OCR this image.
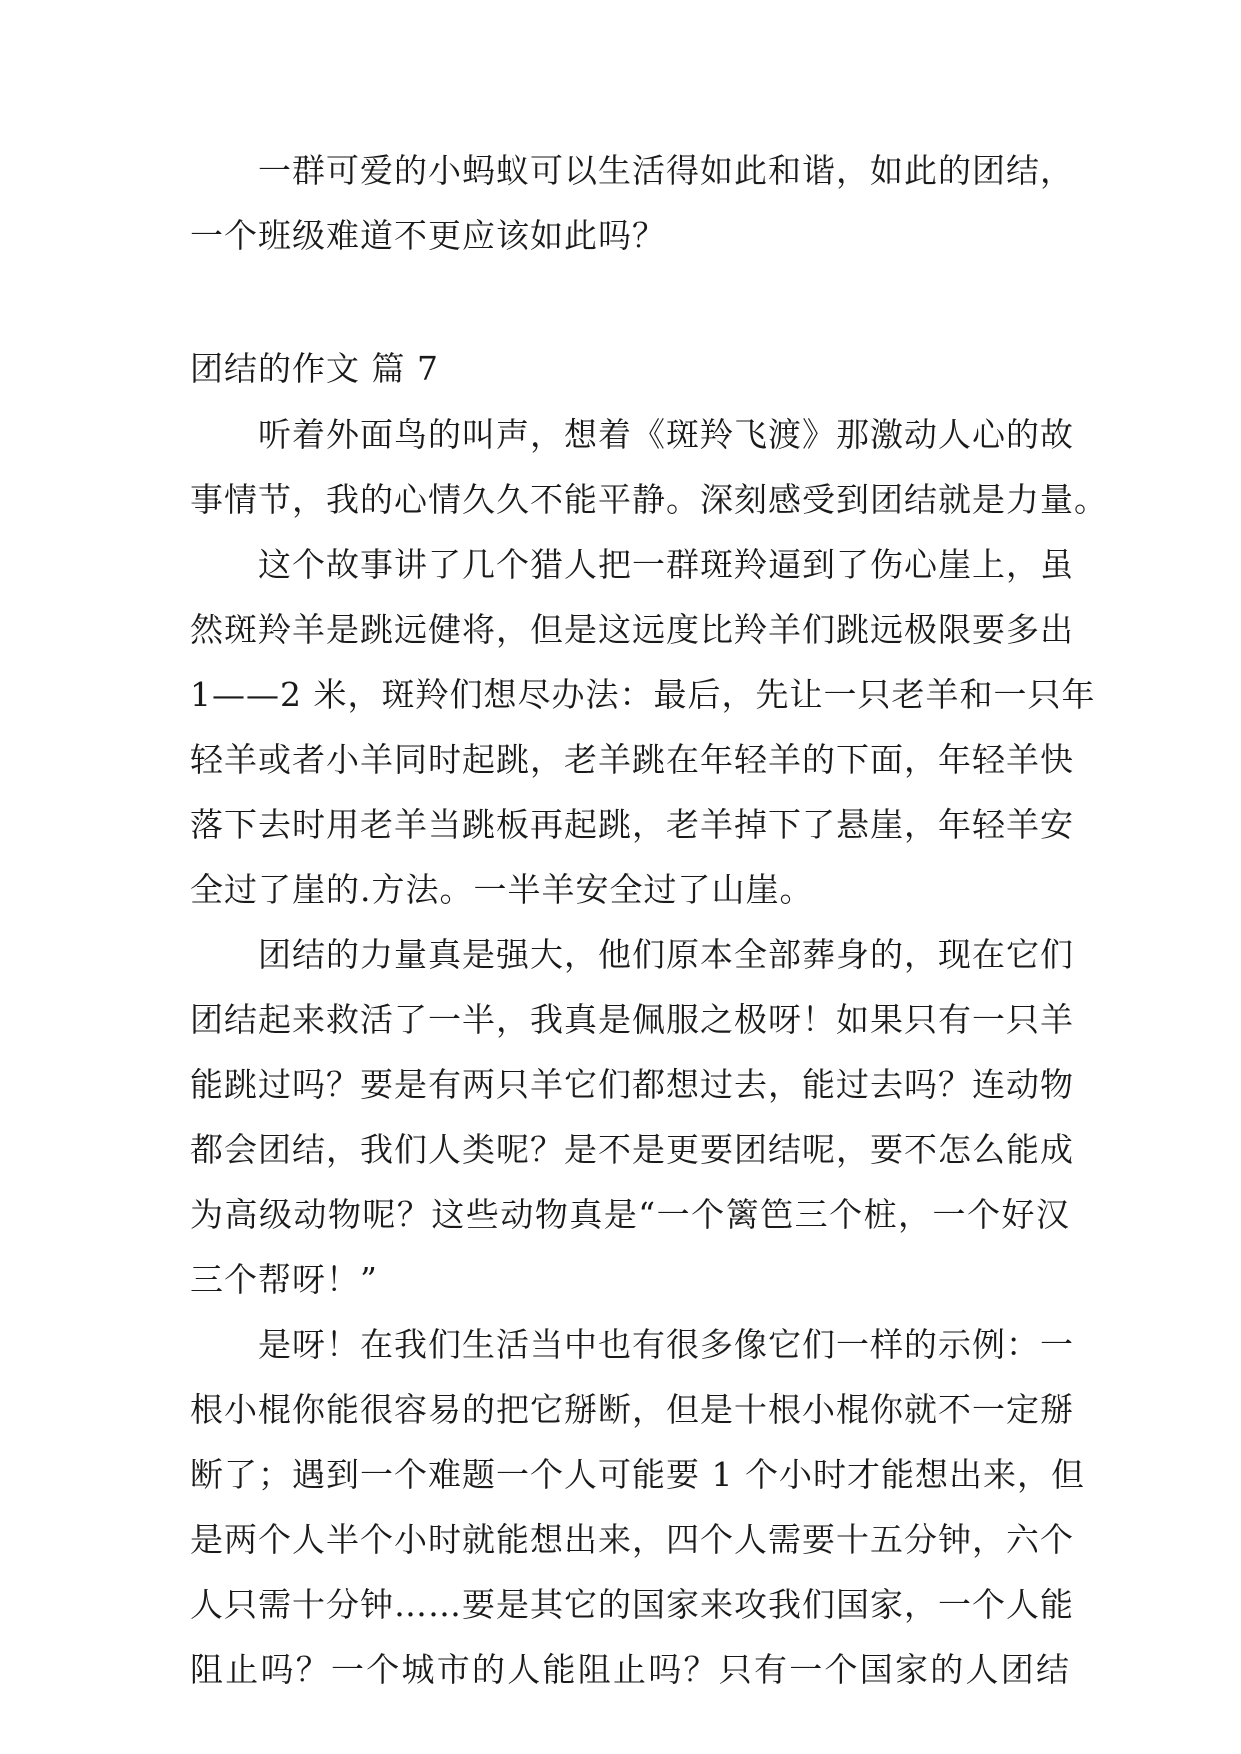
一群可爱的小蚂蚁可以生活得如此和谐，如此的团结，
一个班级难道不更应该如此吗？
团结的作文 篇 7
听着外面鸟的叫声，想着《斑羚飞渡》那激动人心的故
事情节，我的心情久久不能平静。深刻感受到团结就是力量。
这个故事讲了几个猎人把一群斑羚逼到了伤心崖上，虽
然斑羚羊是跳远健将，但是这远度比羚羊们跳远极限要多出
1——2 米，斑羚们想尽办法：最后，先让一只老羊和一只年
轻羊或者小羊同时起跳，老羊跳在年轻羊的下面，年轻羊快
落下去时用老羊当跳板再起跳，老羊掉下了悬崖，年轻羊安
全过了崖的.方法。一半羊安全过了山崖。
团结的力量真是强大，他们原本全部葬身的，现在它们
团结起来救活了一半，我真是佩服之极呀！如果只有一只羊
能跳过吗？要是有两只羊它们都想过去，能过去吗？连动物
都会团结，我们人类呢？是不是更要团结呢，要不怎么能成
为高级动物呢？这些动物真是“一个篱笆三个桩，一个好汉
三个帮呀！”
是呀！在我们生活当中也有很多像它们一样的示例：一
根小棍你能很容易的把它掰断，但是十根小棍你就不一定掰
断了；遇到一个难题一个人可能要 1 个小时才能想出来，但
是两个人半个小时就能想出来，四个人需要十五分钟，六个
人只需十分钟……要是其它的国家来攻我们国家，一个人能
阻止吗？一个城市的人能阻止吗？只有一个国家的人团结
